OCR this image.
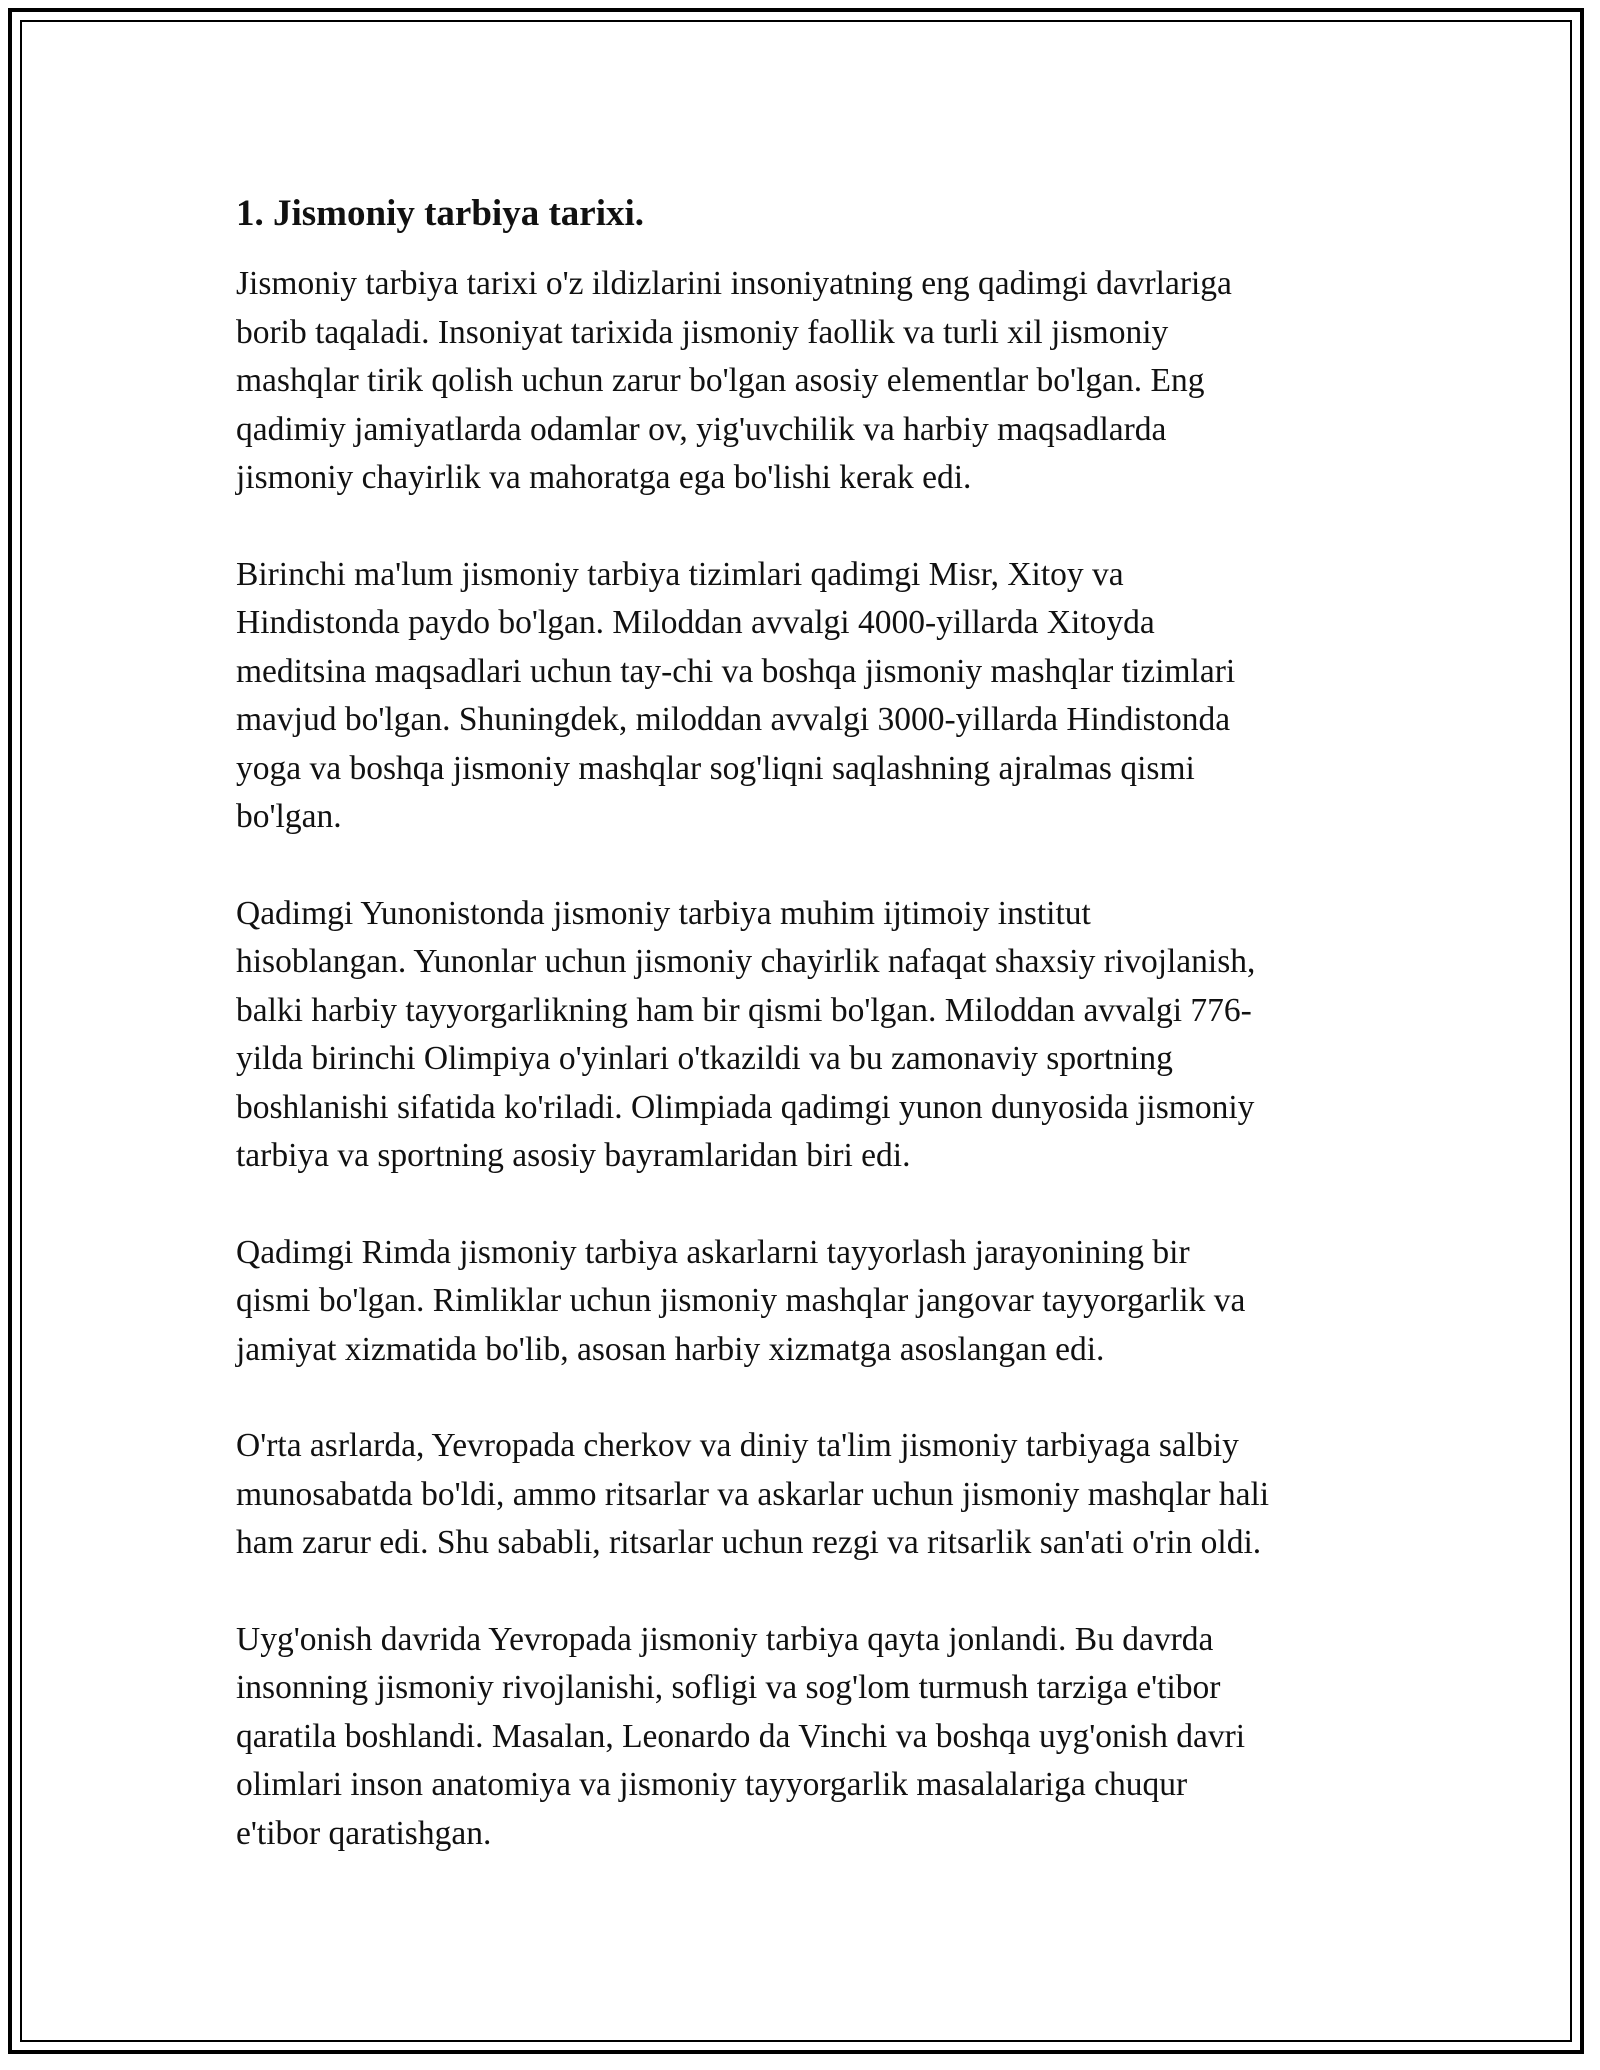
1. Jismoniy tarbiya tarixi.

Jismoniy tarbiya tarixi o'z ildizlarini insoniyatning eng qadimgi davrlariga
borib taqaladi. Insoniyat tarixida jismoniy faollik va turli xil jismoniy
mashqlar tirik qolish uchun zarur bo'lgan asosiy elementlar bo'lgan. Eng
qadimiy jamiyatlarda odamlar ov, yig'uvchilik va harbiy maqsadlarda
jismoniy chayirlik va mahoratga ega bo'lishi kerak edi.

Birinchi ma'lum jismoniy tarbiya tizimlari qadimgi Misr, Xitoy va
Hindistonda paydo bo'lgan. Miloddan avvalgi 4000-yillarda Xitoyda
meditsina maqsadlari uchun tay-chi va boshqa jismoniy mashqlar tizimlari
mavjud bo'lgan. Shuningdek, miloddan avvalgi 3000-yillarda Hindistonda
yoga va boshqa jismoniy mashqlar sog'liqni saqlashning ajralmas qismi
bo'lgan.

Qadimgi Yunonistonda jismoniy tarbiya muhim ijtimoiy institut
hisoblangan. Yunonlar uchun jismoniy chayirlik nafaqat shaxsiy rivojlanish,
balki harbiy tayyorgarlikning ham bir qismi bo'lgan. Miloddan avvalgi 776-
yilda birinchi Olimpiya o'yinlari o'tkazildi va bu zamonaviy sportning
boshlanishi sifatida ko'riladi. Olimpiada qadimgi yunon dunyosida jismoniy
tarbiya va sportning asosiy bayramlaridan biri edi.

Qadimgi Rimda jismoniy tarbiya askarlarni tayyorlash jarayonining bir
qismi bo'lgan. Rimliklar uchun jismoniy mashqlar jangovar tayyorgarlik va
jamiyat xizmatida bo'lib, asosan harbiy xizmatga asoslangan edi.

O'rta asrlarda, Yevropada cherkov va diniy ta'lim jismoniy tarbiyaga salbiy
munosabatda bo'ldi, ammo ritsarlar va askarlar uchun jismoniy mashqlar hali
ham zarur edi. Shu sababli, ritsarlar uchun rezgi va ritsarlik san'ati o'rin oldi.

Uyg'onish davrida Yevropada jismoniy tarbiya qayta jonlandi. Bu davrda
insonning jismoniy rivojlanishi, sofligi va sog'lom turmush tarziga e'tibor
qaratila boshlandi. Masalan, Leonardo da Vinchi va boshqa uyg'onish davri
olimlari inson anatomiya va jismoniy tayyorgarlik masalalariga chuqur
e'tibor qaratishgan.
